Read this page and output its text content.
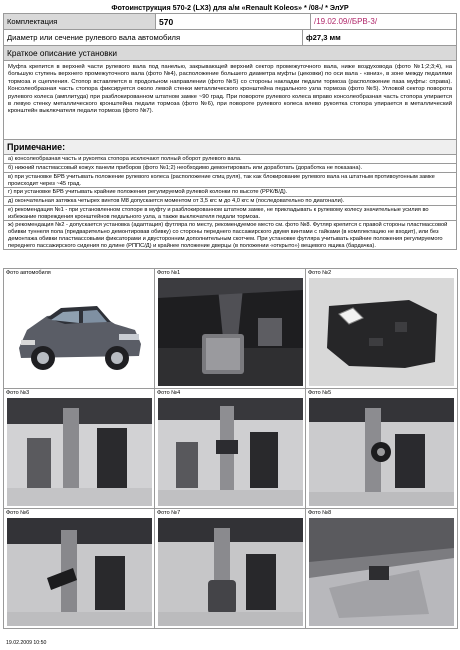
Фотоинструкция 570-2 (LX3) для а/м «Renault Koleos» * /08-/ * ЭлУР
Комплектация	570	/19.02.09/ /БРВ-3/
Диаметр или сечение рулевого вала автомобиля	ф27,3 мм
Краткое описание установки
Муфта крепится в верхней части рулевого вала под панелью, закрывающей верхний сектор промежуточного вала, ниже воздуховода (фото №1;2;3;4), на большую ступень верхнего промежуточного вала (фото №4), расположение большего диаметра муфты (цековки) по оси вала - «вниз», в зоне между педалями тормоза и сцепления. Стопор вставляется в продольном направлении (фото №5) со стороны накладки педали тормоза (расположение паза муфты: справа). Консолеобразная часть стопора фиксируется около левой стенки металлического кронштейна педального узла тормоза (фото №5). Угловой сектор поворота рулевого колеса (амплитуда) при разблокированном штатном замке ~90 град. При повороте рулевого колеса вправо консолеобразная часть стопора упирается в левую стенку металлического кронштейна педали тормоза (фото №6), при повороте рулевого колеса влево рукоятка стопора упирается в металлический кронштейн выключателя педали тормоза (фото №7).
Примечание:
а) консолеобразная часть и рукоятка стопора исключают полный оборот рулевого вала.
б) нижний пластмассовый кожух панели приборов (фото №1;2) необходимо демонтировать или доработать (доработка не показана).
в) при установке БРВ учитывать положение рулевого колеса (расположение спиц руля), так как блокирование рулевого вала на штатным противоугонным замке происходит через ~45 град.
г) при установке БРВ учитывать крайние положения регулируемой рулевой колонки по высоте (РРК/В/Д).
д) окончательная затяжка четырех винтов М8 допускается моментом от 3,5 кгс м до 4,0 кгс м (последовательно по диагонали).
е) рекомендация №1 - при установленном стопоре в муфту и разблокированном штатном замке, не прикладывать к рулевому колесу значительные усилия во избежание повреждения кронштейнов педального узла, а также выключателя педали тормоза.
ж) рекомендация №2 - допускается установка (адаптация) футляра по месту, рекомендуемое место см. фото №8. Футляр крепится с правой стороны пластмассовой обивки туннеля пола (предварительно демонтировав обивку) со стороны переднего пассажирского двумя винтами с гайками (в комплектацию не входит), или без демонтажа обивки пластмассовыми фиксаторами и двусторонним дополнительным скотчем. При установке футляра учитывать крайние положения регулируемого переднего пассажирского сидения по длине (РППС/Д) и крайнее положение дверцы (в положении «открыто») вещевого ящика (бардачка).
Фото автомобиля	Фото №1	Фото №2
Фото №3	Фото №4	Фото №5
Фото №6	Фото №7	Фото №8
19.02.2009 10:50
